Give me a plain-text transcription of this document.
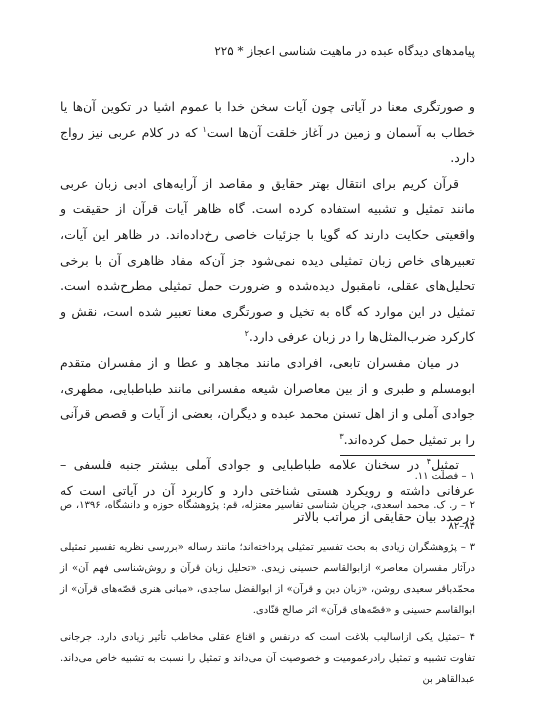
پیامدهای دیدگاه عبده در ماهیت شناسی اعجاز * ۲۲۵

و صورتگری معنا در آیاتی چون آیات سخن خدا با عموم اشیا در تکوین آن‌ها یا خطاب به آسمان و زمین در آغاز خلقت آن‌ها است$^۱$ که در کلام عربی نیز رواج دارد.

قرآن کریم برای انتقال بهتر حقایق و مقاصد از آرایه‌های ادبی زبان عربی مانند تمثیل و تشبیه استفاده کرده است. گاه ظاهر آیات قرآن از حقیقت و واقعیتی حکایت دارند که گویا با جزئیات خاصی رخ‌داده‌اند. در ظاهر این آیات، تعبیرهای خاص زبان تمثیلی دیده نمی‌شود جز آن‌که مفاد ظاهری آن با برخی تحلیل‌های عقلی، نامقبول دیده‌شده و ضرورت حمل تمثیلی مطرح‌شده است. تمثیل در این موارد که گاه به تخیل و صورتگری معنا تعبیر شده است، نقش و کارکرد ضرب‌المثل‌ها را در زبان عرفی دارد.$^۲$

در میان مفسران تابعی، افرادی مانند مجاهد و عطا و از مفسران متقدم ابومسلم و طبری و از بین معاصران شیعه مفسرانی مانند طباطبایی، مطهری، جوادی آملی و از اهل تسنن محمد عبده و دیگران، بعضی از آیات و قصص قرآنی را بر تمثیل حمل کرده‌اند.$^۳$

تمثیل$^۴$ در سخنان علامه طباطبایی و جوادی آملی بیشتر جنبه فلسفی – عرفانی داشته و رویکرد هستی شناختی دارد و کاربرد آن در آیاتی است که درصدد بیان حقایقی از مراتب بالاتر

۱ – فصلت ۱۱.

۲ – ر. ک. محمد اسعدی، جریان شناسی تفاسیر معتزله، قم: پژوهشگاه حوزه و دانشگاه، ۱۳۹۶، ص ۸۴–۸۲

۳ – پژوهشگران زیادی به بحث تفسیر تمثیلی پرداخته‌اند؛ مانند رساله «بررسی نظریه تفسیر تمثیلی درآثار مفسران معاصر» ازابوالقاسم حسینی زیدی. «تحلیل زبان قرآن و روش‌شناسی فهم آن» از محمّدباقر سعیدی روشن، «زبان دین و قرآن» از ابوالفضل ساجدی، «مبانی هنری قصّه‌های قرآن» از ابوالقاسم حسینی و «قصّه‌های قرآن» اثر صالح قنّادی.

۴ –تمثیل یکی ازاسالیب بلاغت است که درنفس و اقناع عقلی مخاطب تأثیر زیادی دارد. جرجانی تفاوت تشبیه و تمثیل رادرعمومیت و خصوصیت آن می‌داند و تمثیل را نسبت به تشبیه خاص می‌داند. عبدالقاهر بن
